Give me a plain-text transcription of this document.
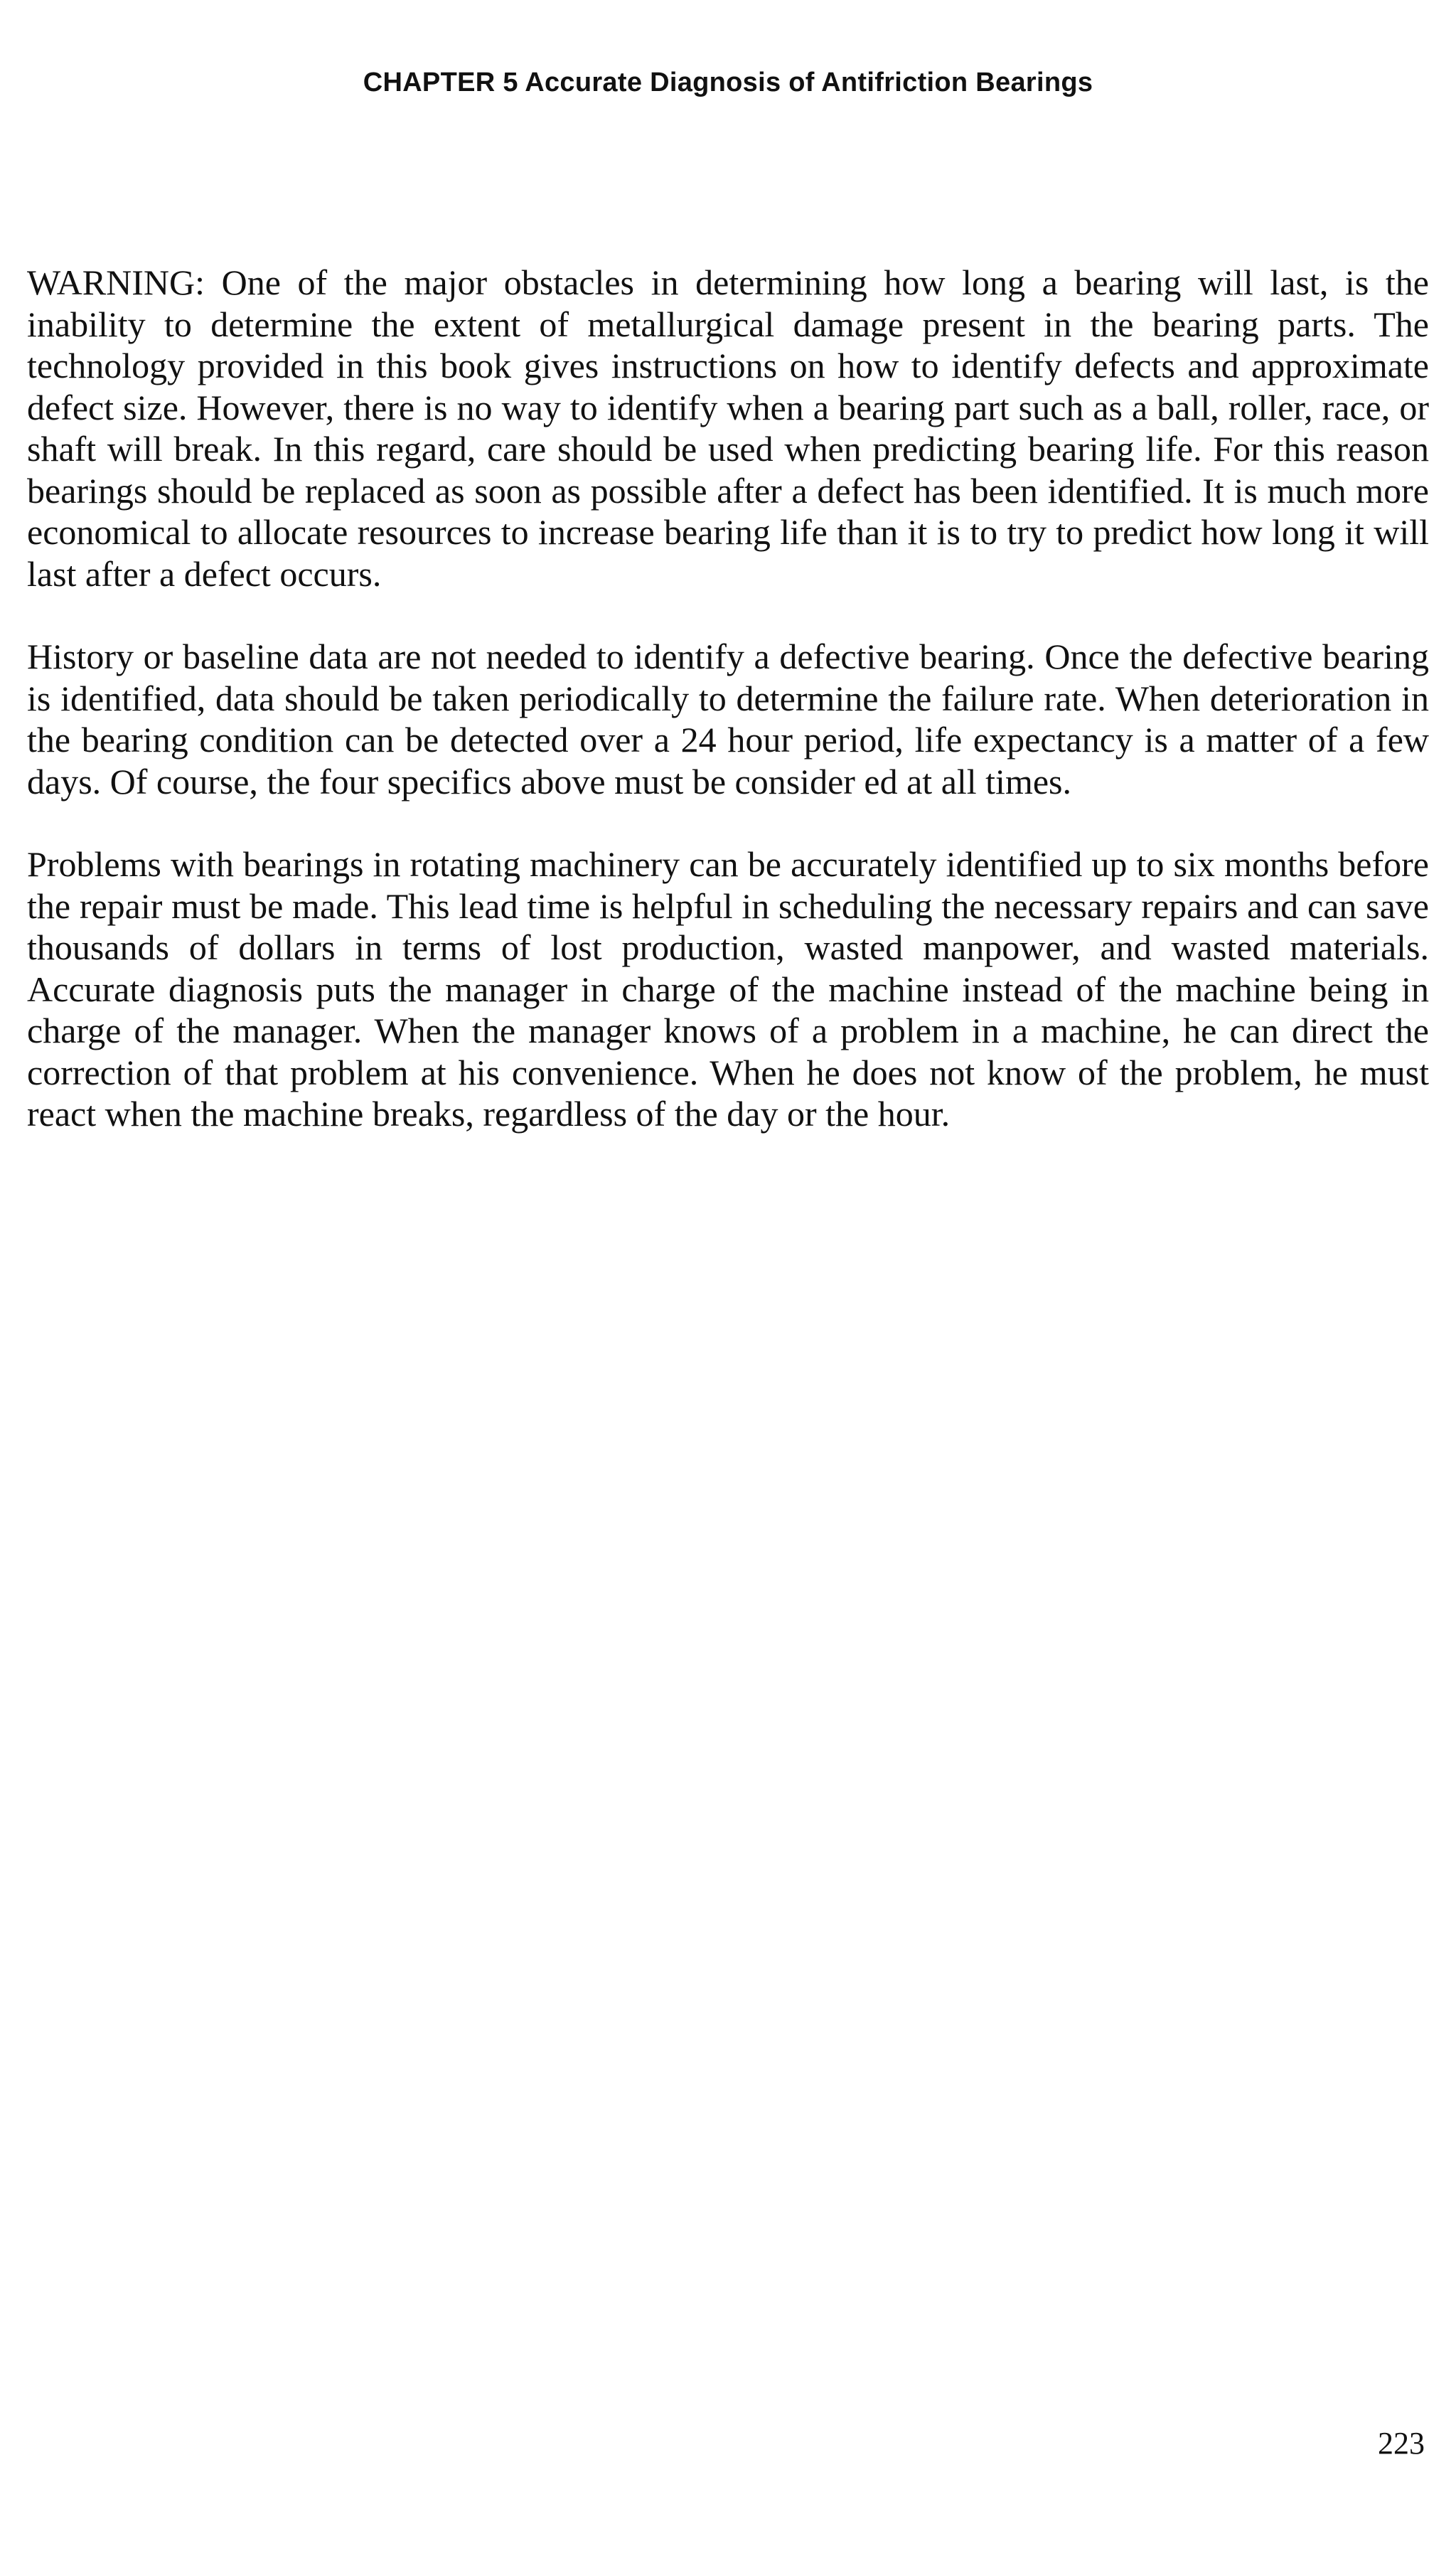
CHAPTER 5 Accurate Diagnosis of Antifriction Bearings

WARNING: One of the major obstacles in determining how long a bearing will last, is the inability to determine the extent of metallurgical damage present in the bearing parts. The technology provided in this book gives instructions on how to identify defects and approximate defect size. However, there is no way to identify when a bearing part such as a ball, roller, race, or shaft will break. In this regard, care should be used when predicting bearing life. For this reason bearings should be replaced as soon as possible after a defect has been identified. It is much more economical to allocate resources to increase bearing life than it is to try to predict how long it will last after a defect occurs.

History or baseline data are not needed to identify a defective bearing. Once the defective bearing is identified, data should be taken periodically to determine the failure rate. When deterioration in the bearing condition can be detected over a 24 hour period, life expectancy is a matter of a few days. Of course, the four specifics above must be consider ed at all times.

Problems with bearings in rotating machinery can be accurately identified up to six months before the repair must be made. This lead time is helpful in scheduling the necessary repairs and can save thousands of dollars in terms of lost production, wasted manpower, and wasted materials. Accurate diagnosis puts the manager in charge of the machine instead of the machine being in charge of the manager. When the manager knows of a problem in a machine, he can direct the correction of that problem at his convenience. When he does not know of the problem, he must react when the machine breaks, regardless of the day or the hour.

223
